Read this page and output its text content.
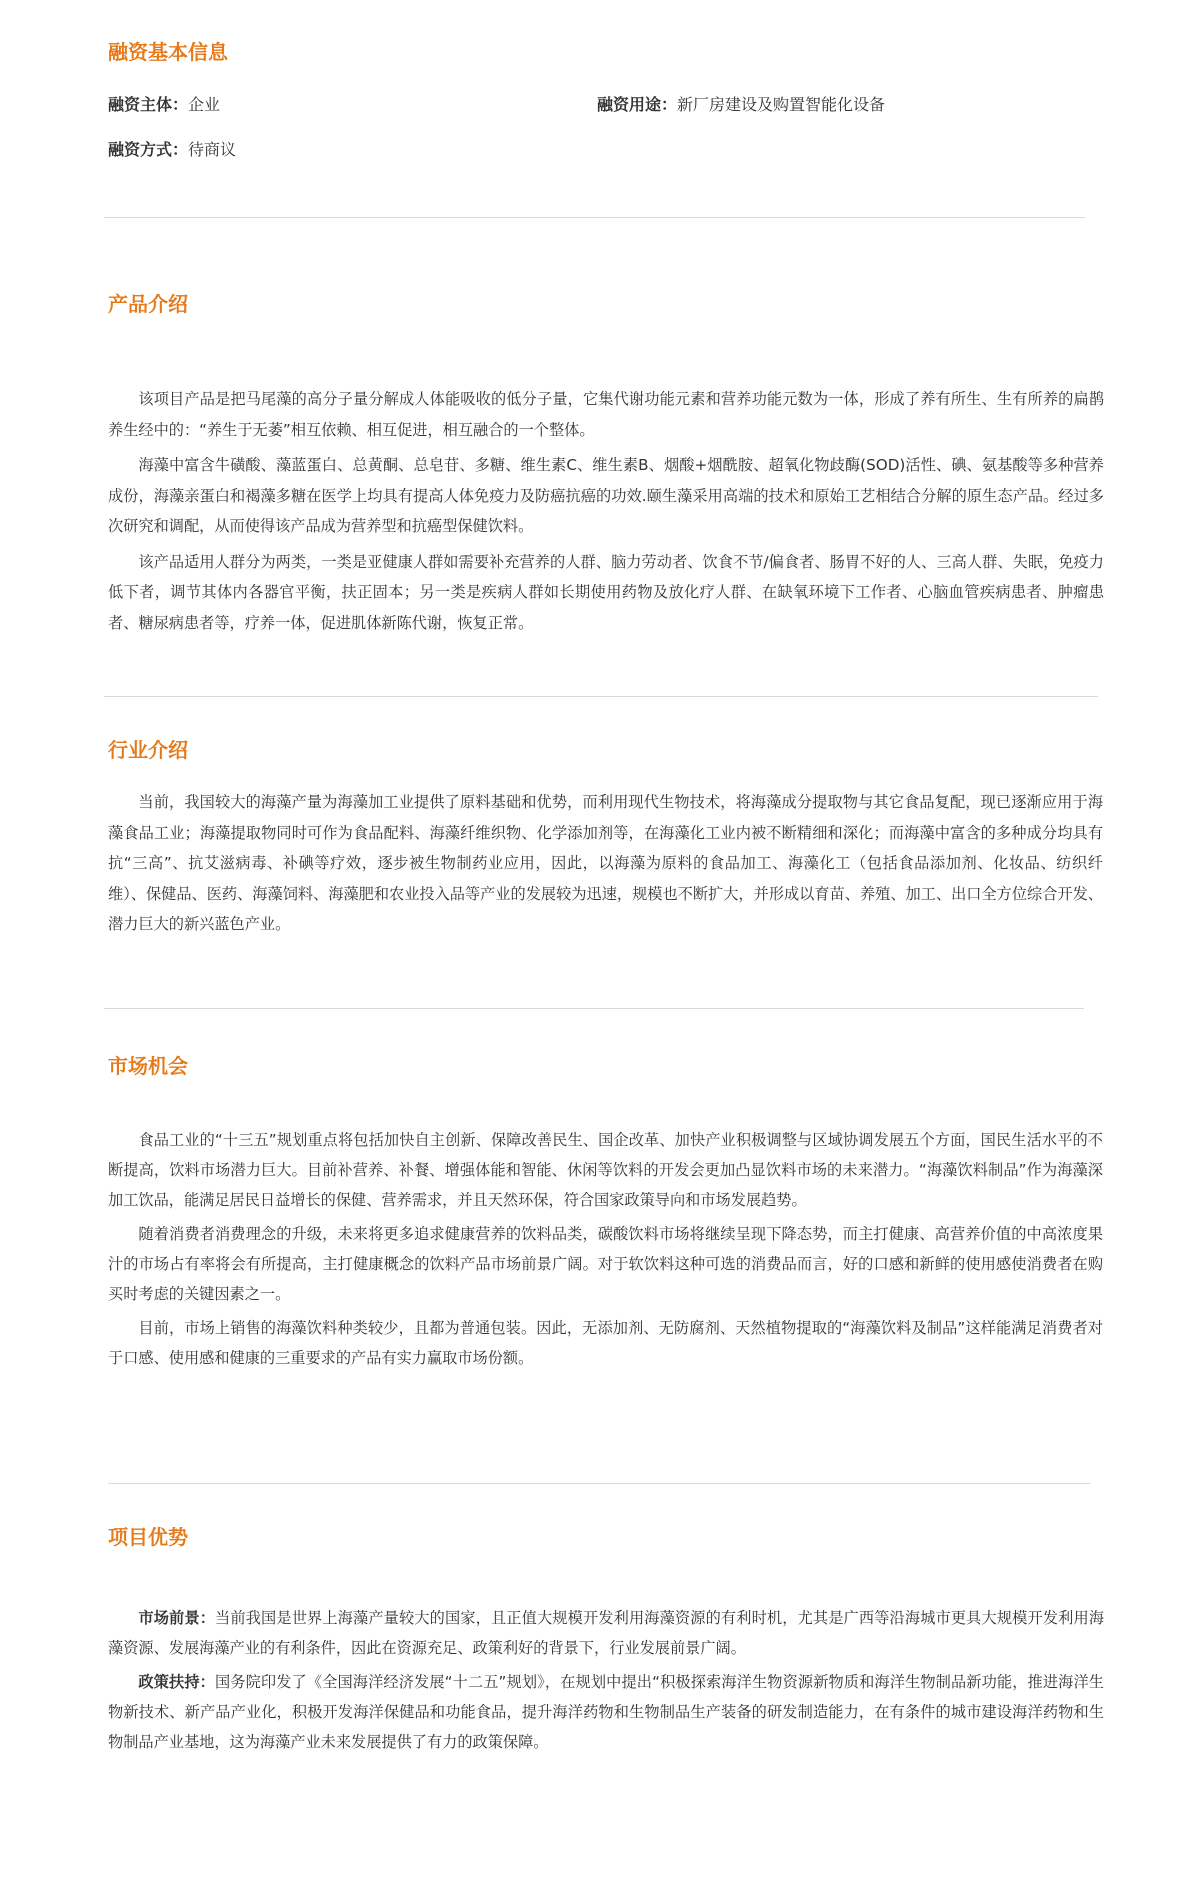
融资基本信息
融资主体：企业	融资用途：新厂房建设及购置智能化设备
融资方式：待商议
产品介绍

该项目产品是把马尾藻的高分子量分解成人体能吸收的低分子量，它集代谢功能元素和营养功能元数为一体，形成了养有所生、生有所养的扁鹊养生经中的：“养生于无萎”相互依赖、相互促进，相互融合的一个整体。

海藻中富含牛磺酸、藻蓝蛋白、总黄酮、总皂苷、多糖、维生素C、维生素B、烟酸+烟酰胺、超氧化物歧酶(SOD)活性、碘、氨基酸等多种营养成份，海藻亲蛋白和褐藻多糖在医学上均具有提高人体免疫力及防癌抗癌的功效.颐生藻采用高端的技术和原始工艺相结合分解的原生态产品。经过多次研究和调配，从而使得该产品成为营养型和抗癌型保健饮料。

该产品适用人群分为两类，一类是亚健康人群如需要补充营养的人群、脑力劳动者、饮食不节/偏食者、肠胃不好的人、三高人群、失眠，免疫力低下者，调节其体内各器官平衡，扶正固本；另一类是疾病人群如长期使用药物及放化疗人群、在缺氧环境下工作者、心脑血管疾病患者、肿瘤患者、糖尿病患者等，疗养一体，促进肌体新陈代谢，恢复正常。

行业介绍

当前，我国较大的海藻产量为海藻加工业提供了原料基础和优势，而利用现代生物技术，将海藻成分提取物与其它食品复配，现已逐渐应用于海藻食品工业；海藻提取物同时可作为食品配料、海藻纤维织物、化学添加剂等，在海藻化工业内被不断精细和深化；而海藻中富含的多种成分均具有抗“三高”、抗艾滋病毒、补碘等疗效，逐步被生物制药业应用，因此，以海藻为原料的食品加工、海藻化工（包括食品添加剂、化妆品、纺织纤维）、保健品、医药、海藻饲料、海藻肥和农业投入品等产业的发展较为迅速，规模也不断扩大，并形成以育苗、养殖、加工、出口全方位综合开发、潜力巨大的新兴蓝色产业。

市场机会

食品工业的“十三五”规划重点将包括加快自主创新、保障改善民生、国企改革、加快产业积极调整与区域协调发展五个方面，国民生活水平的不断提高，饮料市场潜力巨大。目前补营养、补餐、增强体能和智能、休闲等饮料的开发会更加凸显饮料市场的未来潜力。“海藻饮料制品”作为海藻深加工饮品，能满足居民日益增长的保健、营养需求，并且天然环保，符合国家政策导向和市场发展趋势。

随着消费者消费理念的升级，未来将更多追求健康营养的饮料品类，碳酸饮料市场将继续呈现下降态势，而主打健康、高营养价值的中高浓度果汁的市场占有率将会有所提高，主打健康概念的饮料产品市场前景广阔。对于软饮料这种可选的消费品而言，好的口感和新鲜的使用感使消费者在购买时考虑的关键因素之一。

目前，市场上销售的海藻饮料种类较少，且都为普通包装。因此，无添加剂、无防腐剂、天然植物提取的“海藻饮料及制品”这样能满足消费者对于口感、使用感和健康的三重要求的产品有实力赢取市场份额。

项目优势

市场前景：当前我国是世界上海藻产量较大的国家，且正值大规模开发利用海藻资源的有利时机，尤其是广西等沿海城市更具大规模开发利用海藻资源、发展海藻产业的有利条件，因此在资源充足、政策利好的背景下，行业发展前景广阔。

政策扶持：国务院印发了《全国海洋经济发展“十二五”规划》，在规划中提出“积极探索海洋生物资源新物质和海洋生物制品新功能，推进海洋生物新技术、新产品产业化，积极开发海洋保健品和功能食品，提升海洋药物和生物制品生产装备的研发制造能力，在有条件的城市建设海洋药物和生物制品产业基地，这为海藻产业未来发展提供了有力的政策保障。
